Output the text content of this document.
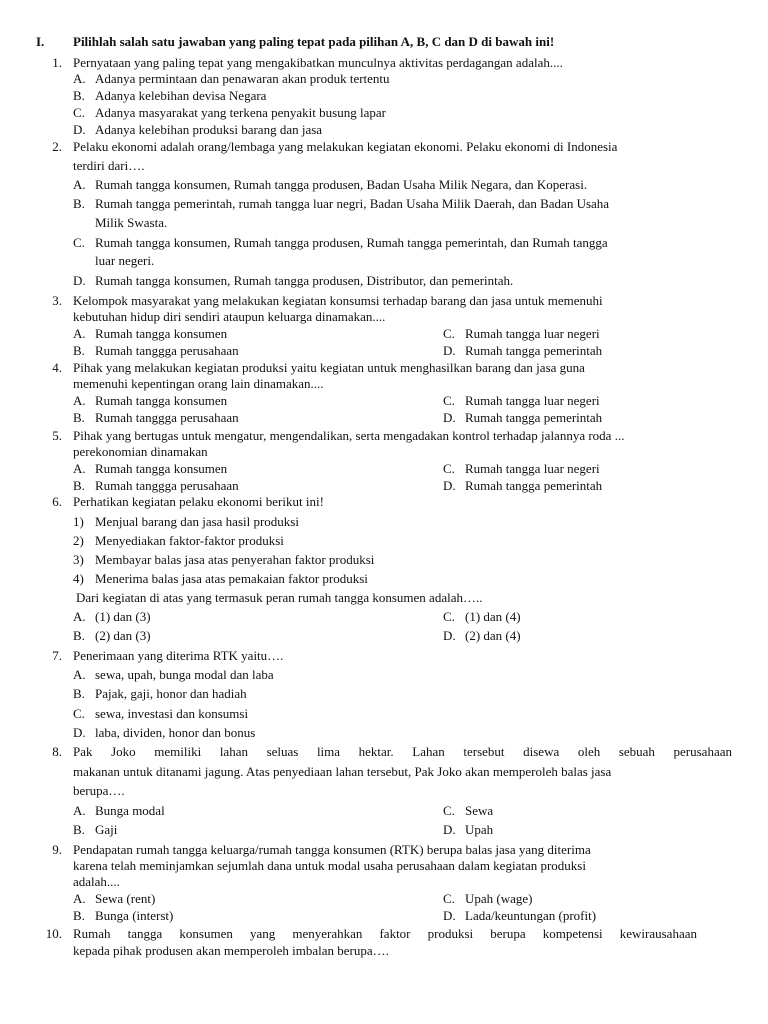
I. Pilihlah salah satu jawaban yang paling tepat pada pilihan A, B, C dan D di bawah ini!
1. Pernyataan yang paling tepat yang mengakibatkan munculnya aktivitas perdagangan adalah....
A. Adanya permintaan dan penawaran akan produk tertentu
B. Adanya kelebihan devisa Negara
C. Adanya masyarakat yang terkena penyakit busung lapar
D. Adanya kelebihan produksi barang dan jasa
2. Pelaku ekonomi adalah orang/lembaga yang melakukan kegiatan ekonomi. Pelaku ekonomi di Indonesia
terdiri dari….
A. Rumah tangga konsumen, Rumah tangga produsen, Badan Usaha Milik Negara, dan Koperasi.
B. Rumah tangga pemerintah, rumah tangga luar negri, Badan Usaha Milik Daerah, dan Badan Usaha
Milik Swasta.
C. Rumah tangga konsumen, Rumah tangga produsen, Rumah tangga pemerintah, dan Rumah tangga
luar negeri.
D. Rumah tangga konsumen, Rumah tangga produsen, Distributor, dan pemerintah.
3. Kelompok masyarakat yang melakukan kegiatan konsumsi terhadap barang dan jasa untuk memenuhi
kebutuhan hidup diri sendiri ataupun keluarga dinamakan....
A. Rumah tangga konsumen	C. Rumah tangga luar negeri
B. Rumah tanggga perusahaan	D. Rumah tangga pemerintah
4. Pihak yang melakukan kegiatan produksi yaitu kegiatan untuk menghasilkan barang dan jasa guna
memenuhi kepentingan orang lain dinamakan....
A. Rumah tangga konsumen	C. Rumah tangga luar negeri
B. Rumah tanggga perusahaan	D. Rumah tangga pemerintah
5. Pihak yang bertugas untuk mengatur, mengendalikan, serta mengadakan kontrol terhadap jalannya roda ...
perekonomian dinamakan
A. Rumah tangga konsumen	C. Rumah tangga luar negeri
B. Rumah tanggga perusahaan	D. Rumah tangga pemerintah
6. Perhatikan kegiatan pelaku ekonomi berikut ini!
1) Menjual barang dan jasa hasil produksi
2) Menyediakan faktor-faktor produksi
3) Membayar balas jasa atas penyerahan faktor produksi
4) Menerima balas jasa atas pemakaian faktor produksi
Dari kegiatan di atas yang termasuk peran rumah tangga konsumen adalah…..
A. (1) dan (3)	C. (1) dan (4)
B. (2) dan (3)	D. (2) dan (4)
7. Penerimaan yang diterima RTK yaitu….
A. sewa, upah, bunga modal dan laba
B. Pajak, gaji, honor dan hadiah
C. sewa, investasi dan konsumsi
D. laba, dividen, honor dan bonus
8. Pak Joko memiliki lahan seluas lima hektar. Lahan tersebut disewa oleh sebuah perusahaan
makanan untuk ditanami jagung. Atas penyediaan lahan tersebut, Pak Joko akan memperoleh balas jasa
berupa….
A. Bunga modal	C. Sewa
B. Gaji	D. Upah
9. Pendapatan rumah tangga keluarga/rumah tangga konsumen (RTK) berupa balas jasa yang diterima
karena telah meminjamkan sejumlah dana untuk modal usaha perusahaan dalam kegiatan produksi
adalah....
A. Sewa (rent)	C. Upah (wage)
B. Bunga (interst)	D. Lada/keuntungan (profit)
10. Rumah tangga konsumen yang menyerahkan faktor produksi berupa kompetensi kewirausahaan
kepada pihak produsen akan memperoleh imbalan berupa….
